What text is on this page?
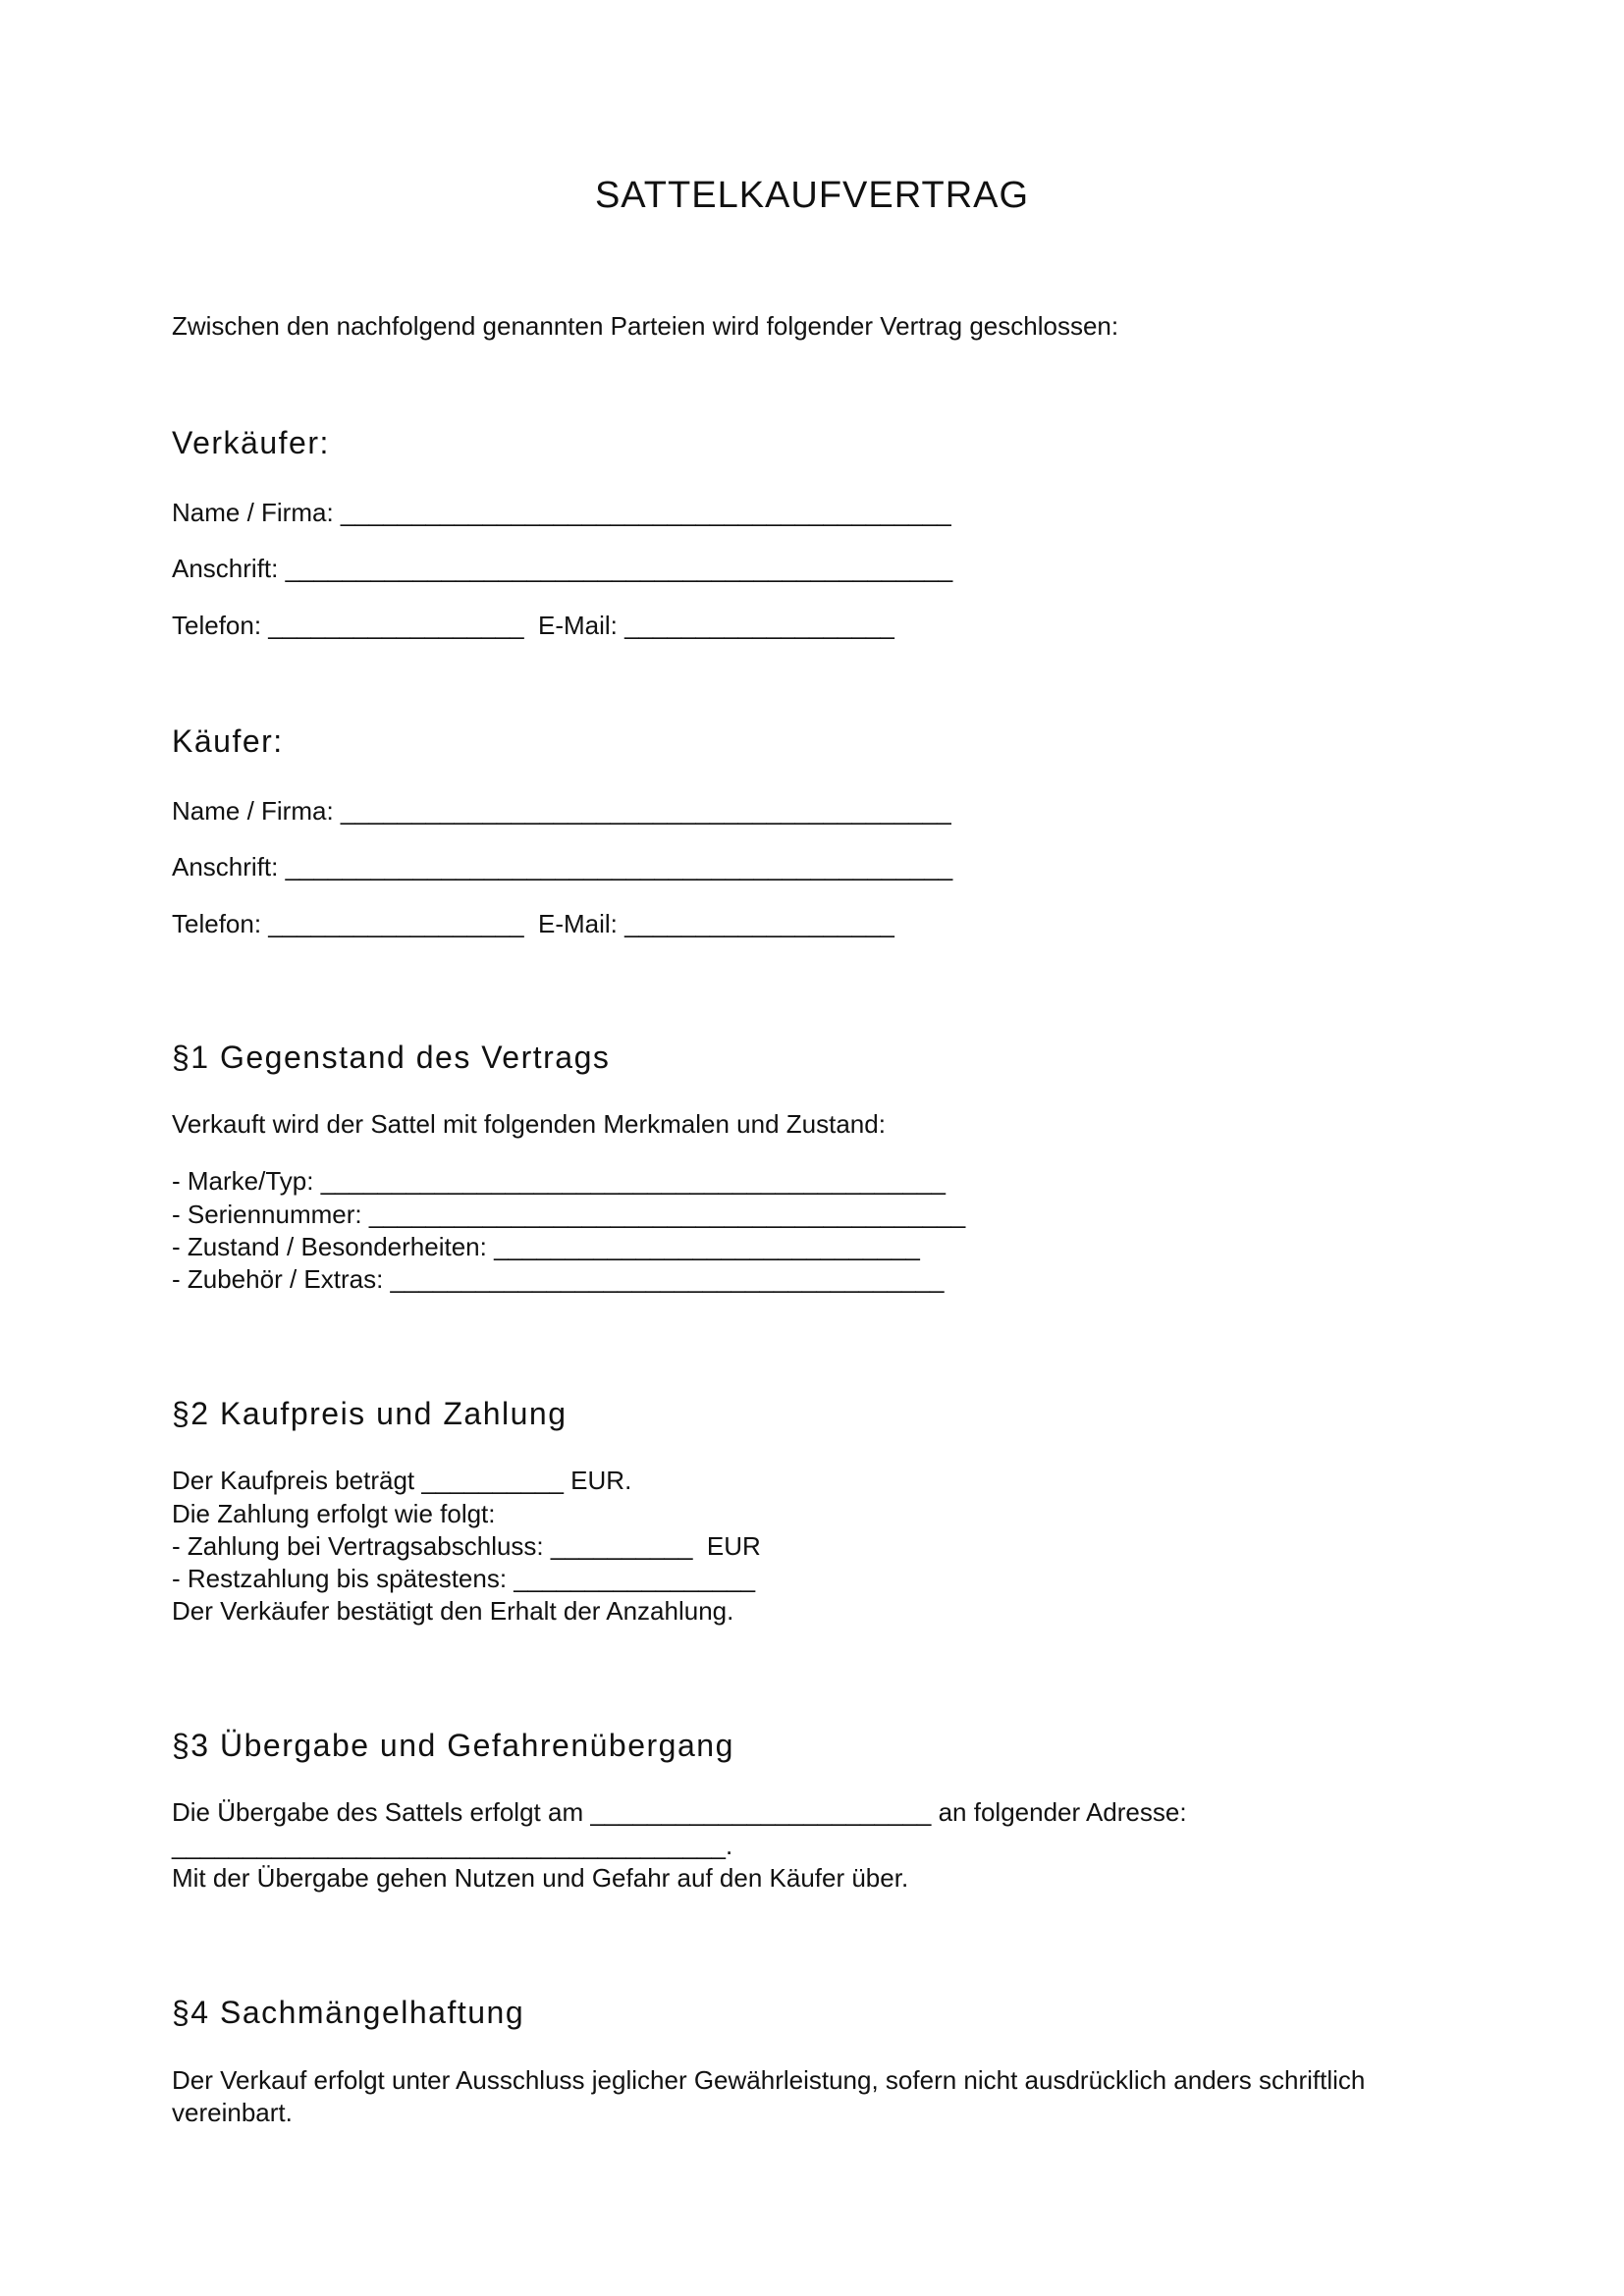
SATTELKAUFVERTRAG

Zwischen den nachfolgend genannten Parteien wird folgender Vertrag geschlossen:

Verkäufer:

Name / Firma: ___________________________________________

Anschrift: _______________________________________________

Telefon: __________________  E-Mail: ___________________

Käufer:

Name / Firma: ___________________________________________

Anschrift: _______________________________________________

Telefon: __________________  E-Mail: ___________________

§1 Gegenstand des Vertrags

Verkauft wird der Sattel mit folgenden Merkmalen und Zustand:

- Marke/Typ: ____________________________________________

- Seriennummer: __________________________________________

- Zustand / Besonderheiten: ______________________________

- Zubehör / Extras: _______________________________________

§2 Kaufpreis und Zahlung

Der Kaufpreis beträgt __________ EUR.

Die Zahlung erfolgt wie folgt:

- Zahlung bei Vertragsabschluss: __________  EUR

- Restzahlung bis spätestens: _________________

Der Verkäufer bestätigt den Erhalt der Anzahlung.

§3 Übergabe und Gefahrenübergang

Die Übergabe des Sattels erfolgt am ________________________ an folgender Adresse:

_______________________________________.

Mit der Übergabe gehen Nutzen und Gefahr auf den Käufer über.

§4 Sachmängelhaftung

Der Verkauf erfolgt unter Ausschluss jeglicher Gewährleistung, sofern nicht ausdrücklich anders schriftlich

vereinbart.
